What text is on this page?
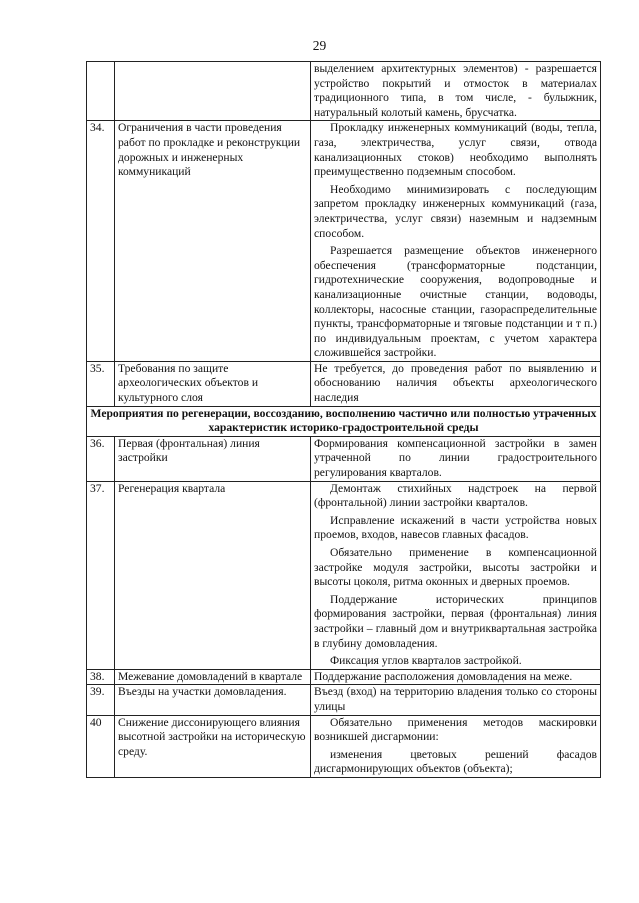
29

		выделением архитектурных элементов) - разрешается устройство покрытий и отмосток в материалах традиционного типа, в том числе, - булыжник, натуральный колотый камень, брусчатка.

34.	Ограничения в части проведения работ по прокладке и реконструкции дорожных и инженерных коммуникаций	Прокладку инженерных коммуникаций (воды, тепла, газа, электричества, услуг связи, отвода канализационных стоков) необходимо выполнять преимущественно подземным способом.

Необходимо минимизировать с последующим запретом прокладку инженерных коммуникаций (газа, электричества, услуг связи) наземным и надземным способом.

Разрешается размещение объектов инженерного обеспечения (трансформаторные подстанции, гидротехнические сооружения, водопроводные и канализационные очистные станции, водоводы, коллекторы, насосные станции, газораспределительные пункты, трансформаторные и тяговые подстанции и т п.) по индивидуальным проектам, с учетом характера сложившейся застройки.

35.	Требования по защите археологических объектов и культурного слоя	Не требуется, до проведения работ по выявлению и обоснованию наличия объекты археологического наследия

Мероприятия по регенерации, воссозданию, восполнению частично или полностью утраченных характеристик историко-градостроительной среды		
36.	Первая (фронтальная) линия застройки	Формирования компенсационной застройки в замен утраченной по линии градостроительного регулирования кварталов.

37.	Регенерация квартала	Демонтаж стихийных надстроек на первой (фронтальной) линии застройки кварталов.

Исправление искажений в части устройства новых проемов, входов, навесов главных фасадов.

Обязательно применение в компенсационной застройке модуля застройки, высоты застройки и высоты цоколя, ритма оконных и дверных проемов.

Поддержание исторических принципов формирования застройки, первая (фронтальная) линия застройки – главный дом и внутриквартальная застройка в глубину домовладения.

Фиксация углов кварталов застройкой.

38.	Межевание домовладений в квартале	Поддержание расположения домовладения на меже.

39.	Въезды на участки домовладения.	Въезд (вход) на территорию владения только со стороны улицы

40	Снижение диссонирующего влияния высотной застройки на историческую среду.	Обязательно применения методов маскировки возникшей дисгармонии:

изменения цветовых решений фасадов дисгармонирующих объектов (объекта);
